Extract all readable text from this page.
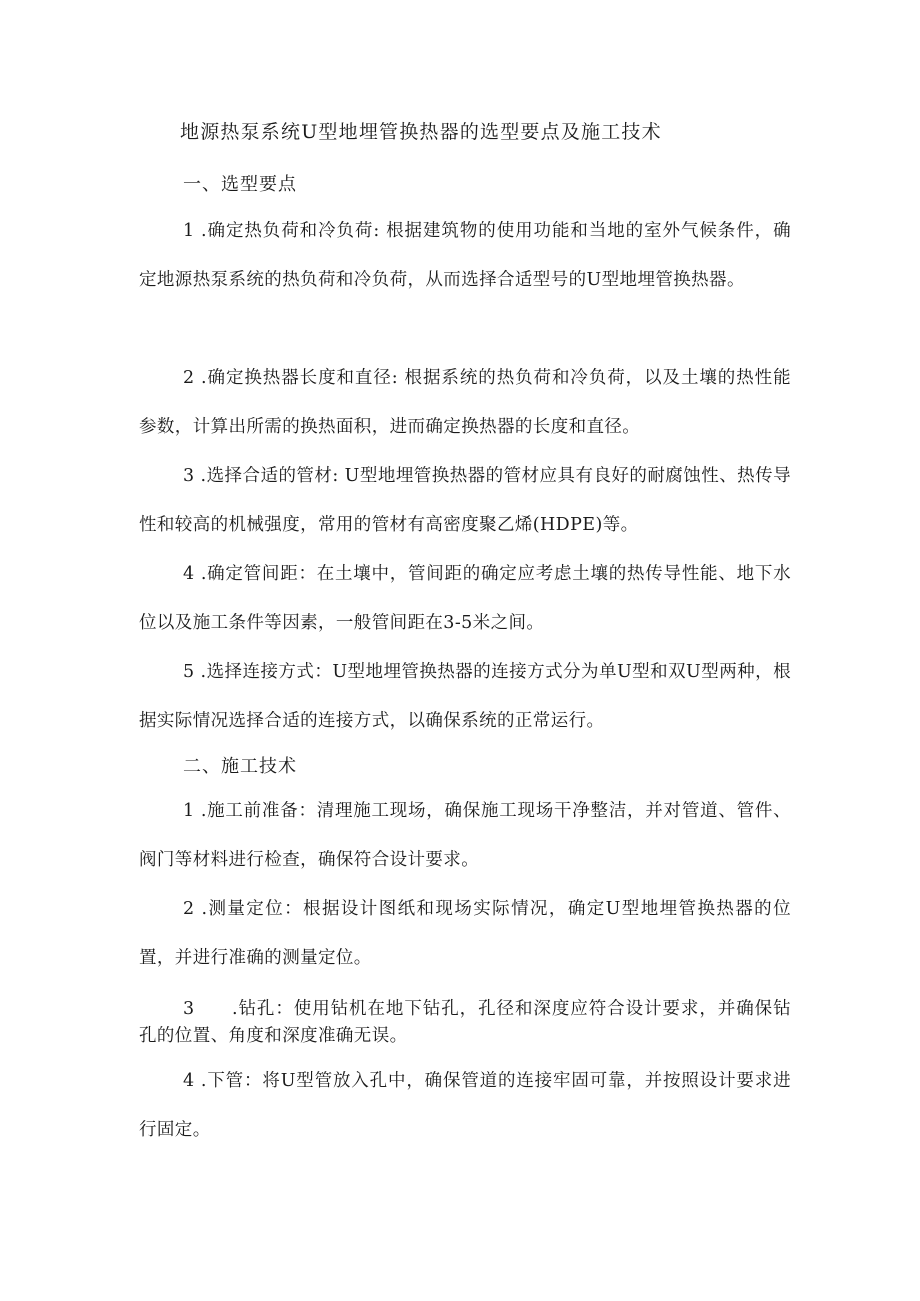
地源热泵系统U型地埋管换热器的选型要点及施工技术
一、选型要点

1 .确定热负荷和冷负荷: 根据建筑物的使用功能和当地的室外气候条件，确定地源热泵系统的热负荷和冷负荷，从而选择合适型号的U型地埋管换热器。

2 .确定换热器长度和直径: 根据系统的热负荷和冷负荷，以及土壤的热性能参数，计算出所需的换热面积，进而确定换热器的长度和直径。

3 .选择合适的管材: U型地埋管换热器的管材应具有良好的耐腐蚀性、热传导性和较高的机械强度，常用的管材有高密度聚乙烯(HDPE)等。

4 .确定管间距：在土壤中，管间距的确定应考虑土壤的热传导性能、地下水位以及施工条件等因素，一般管间距在3-5米之间。

5 .选择连接方式：U型地埋管换热器的连接方式分为单U型和双U型两种，根据实际情况选择合适的连接方式，以确保系统的正常运行。

二、施工技术

1 .施工前准备：清理施工现场，确保施工现场干净整洁，并对管道、管件、阀门等材料进行检查，确保符合设计要求。

2 .测量定位：根据设计图纸和现场实际情况，确定U型地埋管换热器的位置，并进行准确的测量定位。

3　　.钻孔：使用钻机在地下钻孔，孔径和深度应符合设计要求，并确保钻孔的位置、角度和深度准确无误。

4 .下管：将U型管放入孔中，确保管道的连接牢固可靠，并按照设计要求进行固定。
